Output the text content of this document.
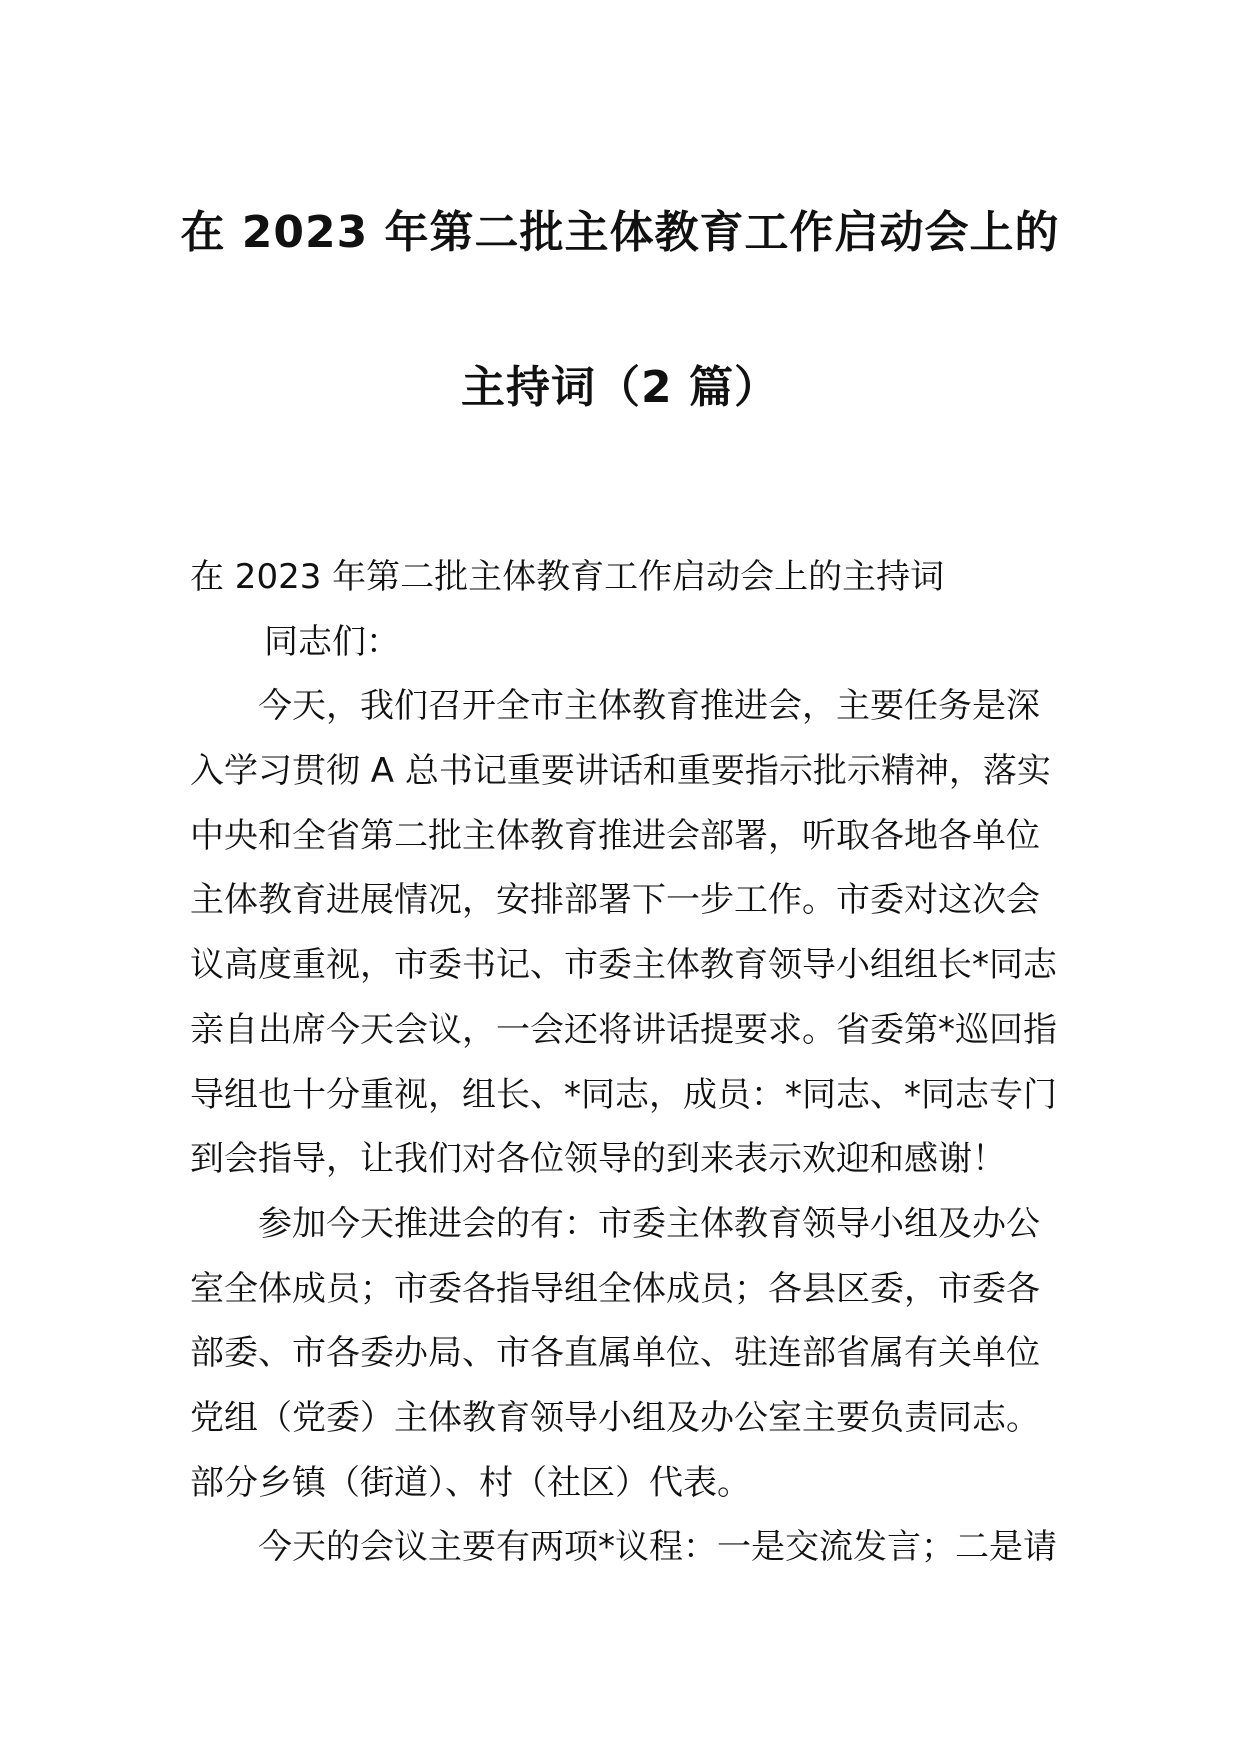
在 2023 年第二批主体教育工作启动会上的
主持词（2 篇）
在 2023 年第二批主体教育工作启动会上的主持词
同志们：
今天，我们召开全市主体教育推进会，主要任务是深
入学习贯彻 A 总书记重要讲话和重要指示批示精神，落实
中央和全省第二批主体教育推进会部署，听取各地各单位
主体教育进展情况，安排部署下一步工作。市委对这次会
议高度重视，市委书记、市委主体教育领导小组组长*同志
亲自出席今天会议，一会还将讲话提要求。省委第*巡回指
导组也十分重视，组长、*同志，成员：*同志、*同志专门
到会指导，让我们对各位领导的到来表示欢迎和感谢！
参加今天推进会的有：市委主体教育领导小组及办公
室全体成员；市委各指导组全体成员；各县区委，市委各
部委、市各委办局、市各直属单位、驻连部省属有关单位
党组（党委）主体教育领导小组及办公室主要负责同志。
部分乡镇（街道）、村（社区）代表。
今天的会议主要有两项*议程：一是交流发言；二是请
